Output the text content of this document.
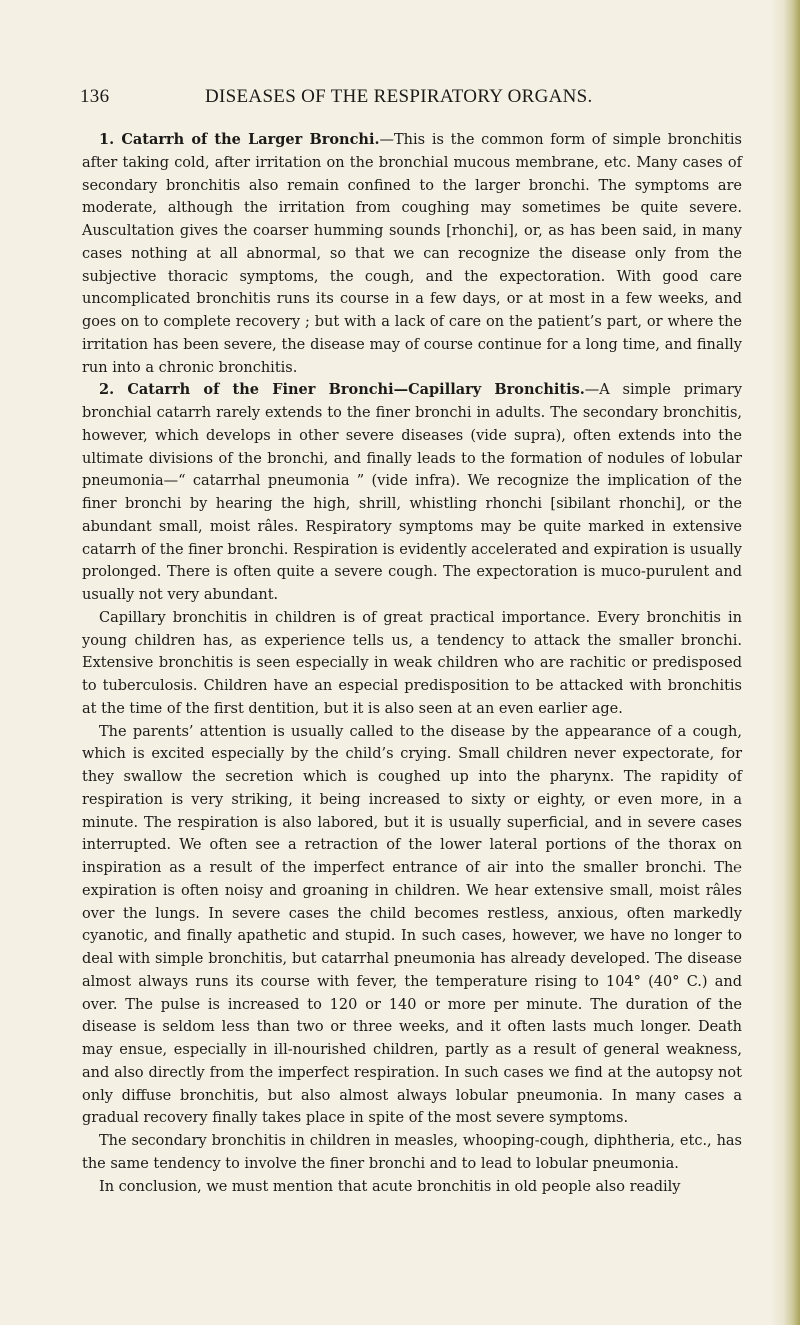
136	DISEASES OF THE RESPIRATORY ORGANS.

1. Catarrh of the Larger Bronchi.—This is the common form of simple bronchitis after taking cold, after irritation on the bronchial mucous membrane, etc. Many cases of secondary bronchitis also remain confined to the larger bronchi. The symptoms are moderate, although the irritation from coughing may sometimes be quite severe. Auscultation gives the coarser humming sounds [rhonchi], or, as has been said, in many cases nothing at all abnormal, so that we can recognize the disease only from the subjective thoracic symptoms, the cough, and the expectoration. With good care uncomplicated bronchitis runs its course in a few days, or at most in a few weeks, and goes on to complete recovery ; but with a lack of care on the patient’s part, or where the irritation has been severe, the disease may of course continue for a long time, and finally run into a chronic bronchitis.

2. Catarrh of the Finer Bronchi—Capillary Bronchitis.—A simple primary bronchial catarrh rarely extends to the finer bronchi in adults. The secondary bronchitis, however, which develops in other severe diseases (vide supra), often extends into the ultimate divisions of the bronchi, and finally leads to the formation of nodules of lobular pneumonia—“ catarrhal pneumonia ” (vide infra). We recognize the implication of the finer bronchi by hearing the high, shrill, whistling rhonchi [sibilant rhonchi], or the abundant small, moist râles. Respiratory symptoms may be quite marked in extensive catarrh of the finer bronchi. Respiration is evidently accelerated and expiration is usually prolonged. There is often quite a severe cough. The expectoration is muco-purulent and usually not very abundant.

Capillary bronchitis in children is of great practical importance. Every bronchitis in young children has, as experience tells us, a tendency to attack the smaller bronchi. Extensive bronchitis is seen especially in weak children who are rachitic or predisposed to tuberculosis. Children have an especial predisposition to be attacked with bronchitis at the time of the first dentition, but it is also seen at an even earlier age.

The parents’ attention is usually called to the disease by the appearance of a cough, which is excited especially by the child’s crying. Small children never expectorate, for they swallow the secretion which is coughed up into the pharynx. The rapidity of respiration is very striking, it being increased to sixty or eighty, or even more, in a minute. The respiration is also labored, but it is usually superficial, and in severe cases interrupted. We often see a retraction of the lower lateral portions of the thorax on inspiration as a result of the imperfect entrance of air into the smaller bronchi. Th℮ expiration is often noisy and groaning in children. We hear extensive small, moist râles over the lungs. In severe cases the child becomes restless, anxious, often markedly cyanotic, and finally apathetic and stupid. In such cases, however, we have no longer to deal with simple bronchitis, but catarrhal pneumonia has already developed. The disease almost always runs its course with fever, the temperature rising to 104° (40° C.) and over. The pulse is increased to 120 or 140 or more per minute. The duration of the disease is seldom less than two or three weeks, and it often lasts much longer. Death may ensue, especially in ill-nourished children, partly as a result of general weakness, and also directly from the imperfect respiration. In such cases we find at the autopsy not only diffuse bronchitis, but also almost always lobular pneumonia. In many cases a gradual recovery finally takes place in spite of the most severe symptoms.

The secondary bronchitis in children in measles, whooping-cough, diphtheria, etc., has the same tendency to involve the finer bronchi and to lead to lobular pneumonia.

In conclusion, we must mention that acute bronchitis in old people also readily
